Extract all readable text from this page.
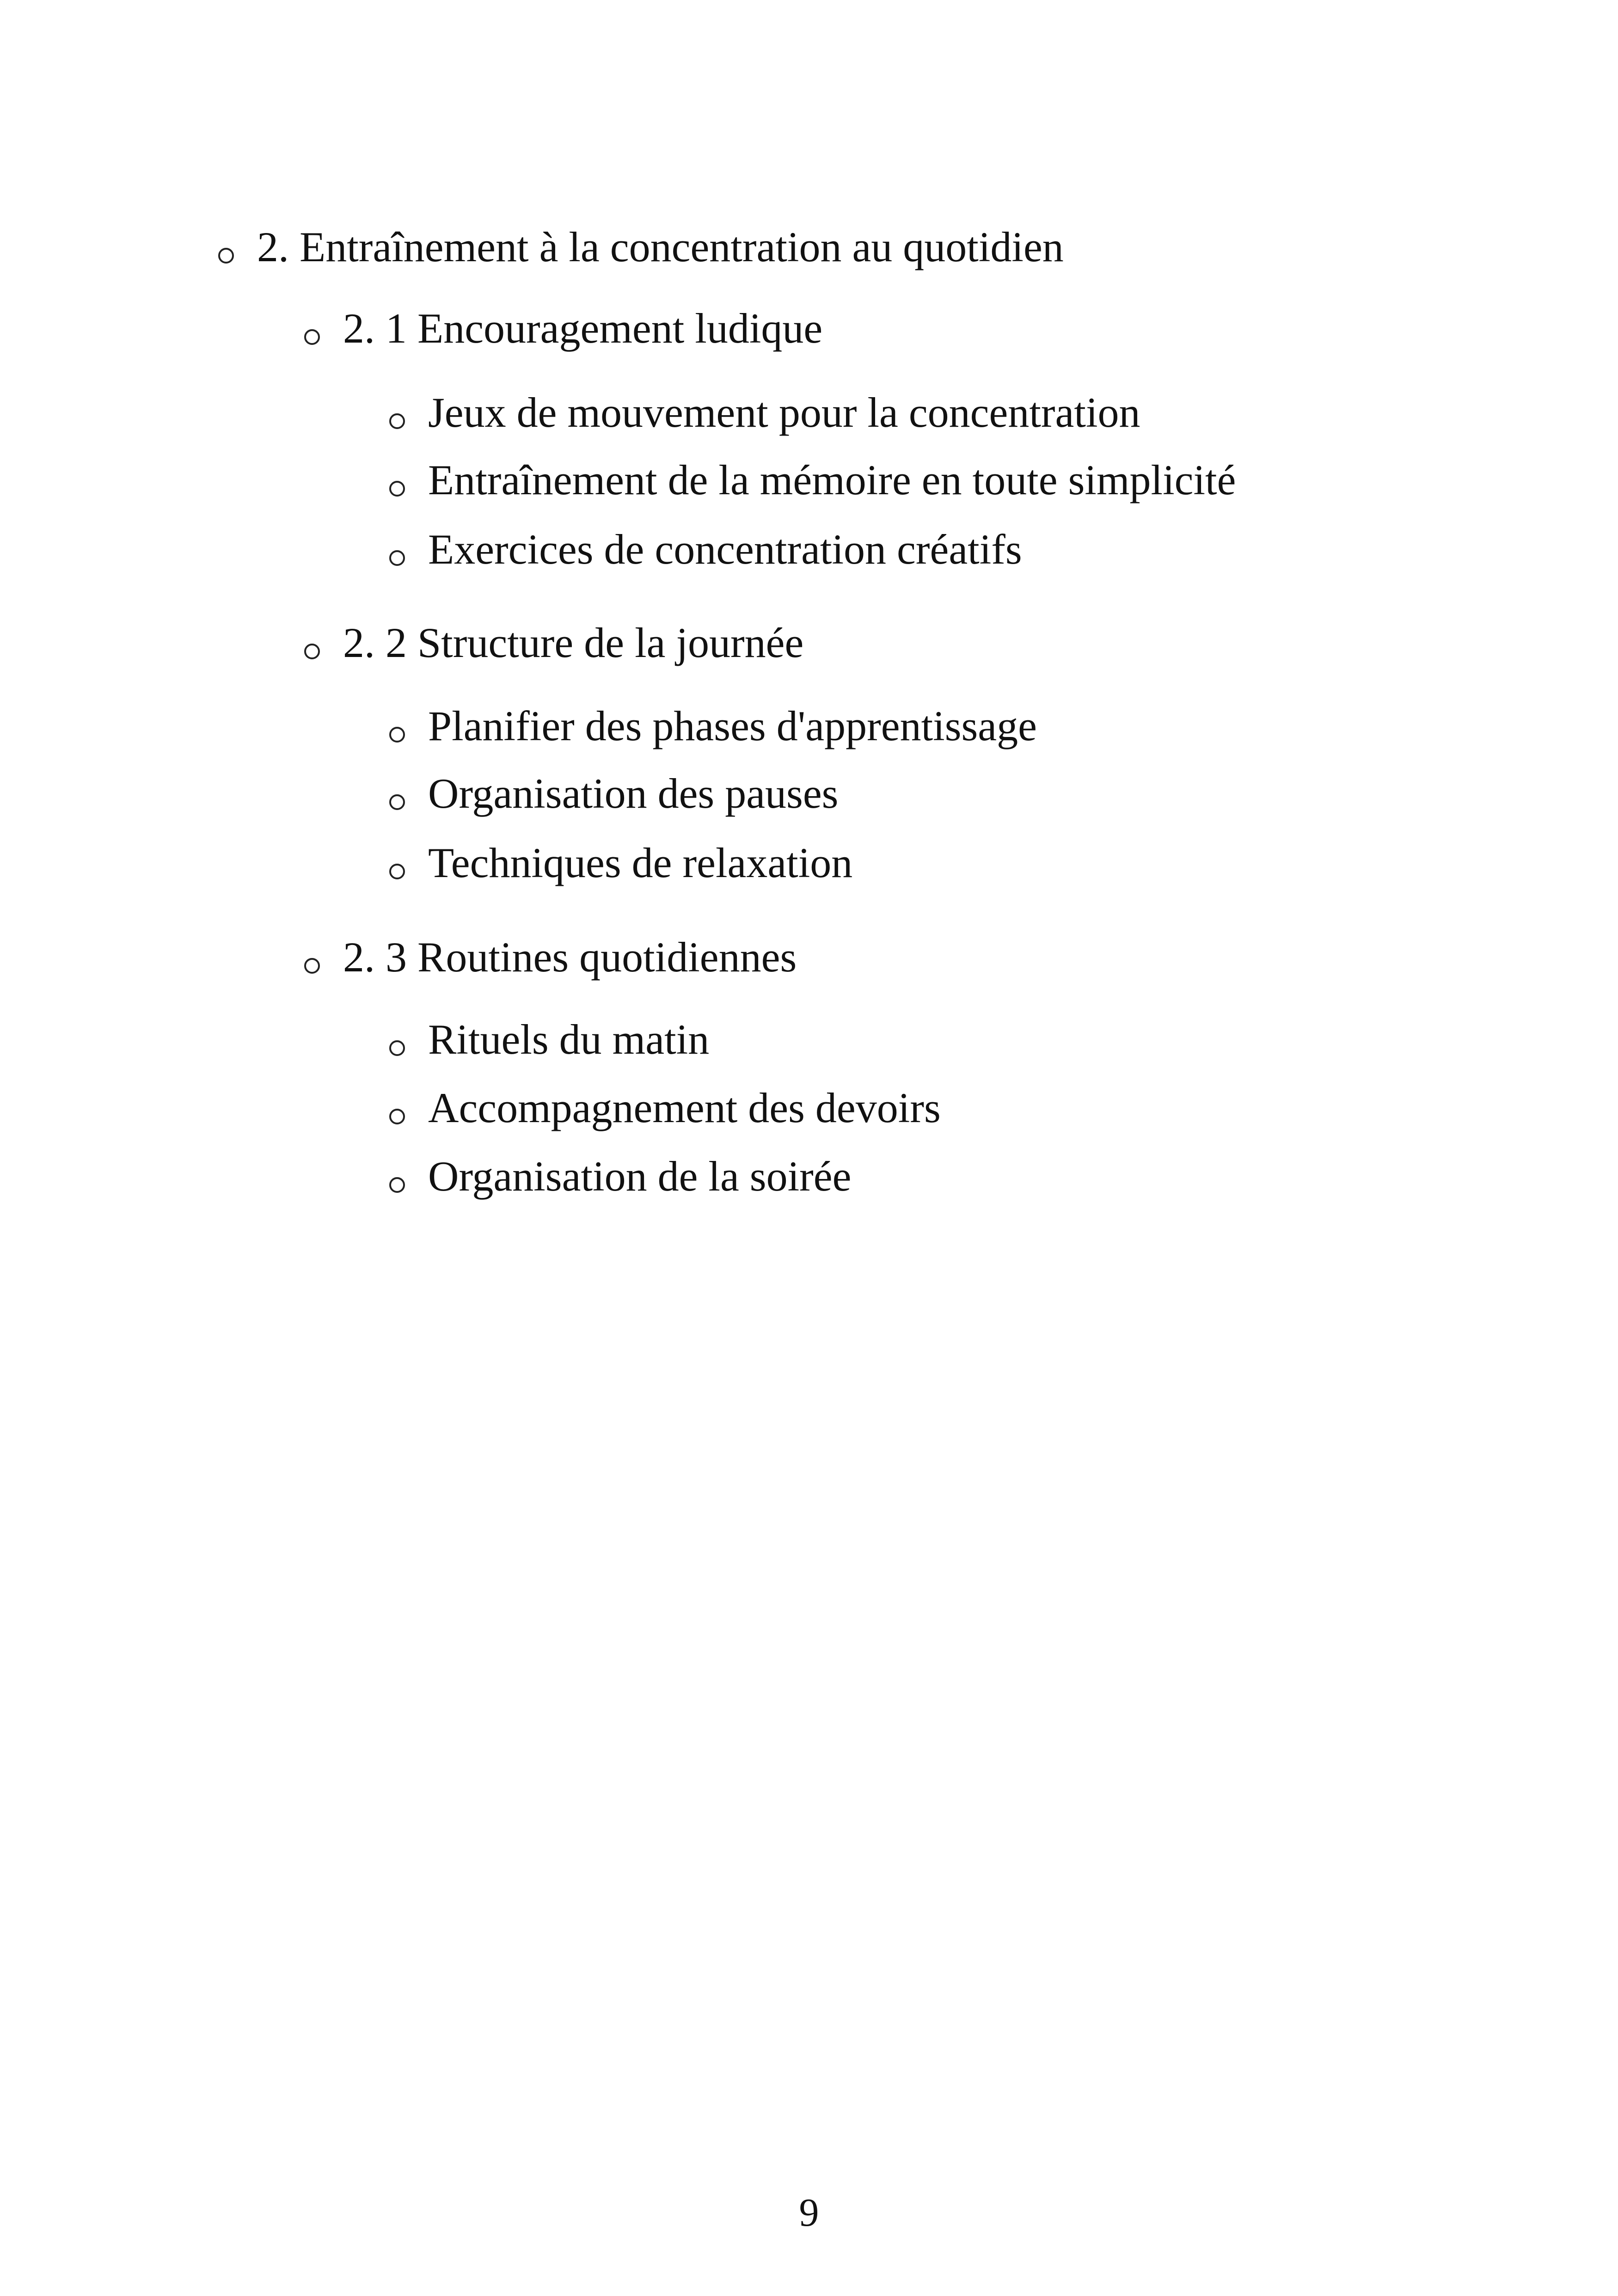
2. Entraînement à la concentration au quotidien
2. 1 Encouragement ludique
Jeux de mouvement pour la concentration
Entraînement de la mémoire en toute simplicité
Exercices de concentration créatifs
2. 2 Structure de la journée
Planifier des phases d'apprentissage
Organisation des pauses
Techniques de relaxation
2. 3 Routines quotidiennes
Rituels du matin
Accompagnement des devoirs
Organisation de la soirée
9
